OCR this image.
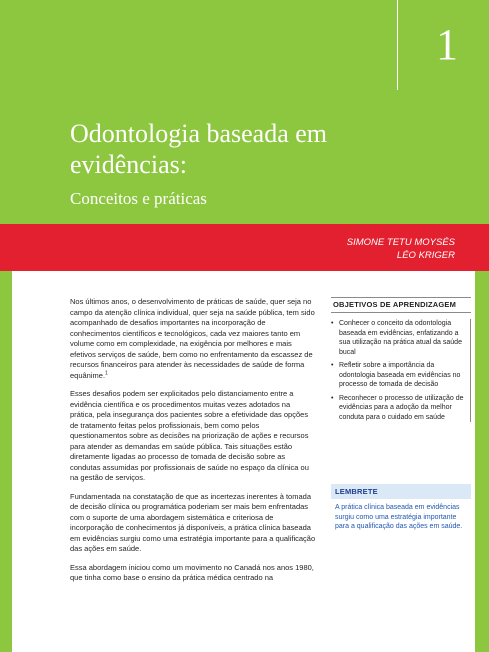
1
Odontologia baseada em evidências:
Conceitos e práticas
SIMONE TETU MOYSÉS
LÉO KRIGER

Nos últimos anos, o desenvolvimento de práticas de saúde, quer seja no campo da atenção clínica individual, quer seja na saúde pública, tem sido acompanhado de desafios importantes na incorporação de conhecimentos científicos e tecnológicos, cada vez maiores tanto em volume como em complexidade, na exigência por melhores e mais efetivos serviços de saúde, bem como no enfrentamento da escassez de recursos financeiros para atender às necessidades de saúde de forma equânime.$^1$

Esses desafios podem ser explicitados pelo distanciamento entre a evidência científica e os procedimentos muitas vezes adotados na prática, pela insegurança dos pacientes sobre a efetividade das opções de tratamento feitas pelos profissionais, bem como pelos questionamentos sobre as decisões na priorização de ações e recursos para atender as demandas em saúde pública. Tais situações estão diretamente ligadas ao processo de tomada de decisão sobre as condutas assumidas por profissionais de saúde no espaço da clínica ou na gestão de serviços.

Fundamentada na constatação de que as incertezas inerentes à tomada de decisão clínica ou programática poderiam ser mais bem enfrentadas com o suporte de uma abordagem sistemática e criteriosa de incorporação de conhecimentos já disponíveis, a prática clínica baseada em evidências surgiu como uma estratégia importante para a qualificação das ações em saúde.

Essa abordagem iniciou como um movimento no Canadá nos anos 1980, que tinha como base o ensino da prática médica centrado na

OBJETIVOS DE APRENDIZAGEM
• Conhecer o conceito da odontologia baseada em evidências, enfatizando a sua utilização na prática atual da saúde bucal
• Refletir sobre a importância da odontologia baseada em evidências no processo de tomada de decisão
• Reconhecer o processo de utilização de evidências para a adoção da melhor conduta para o cuidado em saúde
LEMBRETE
A prática clínica baseada em evidências surgiu como uma estratégia importante para a qualificação das ações em saúde.
